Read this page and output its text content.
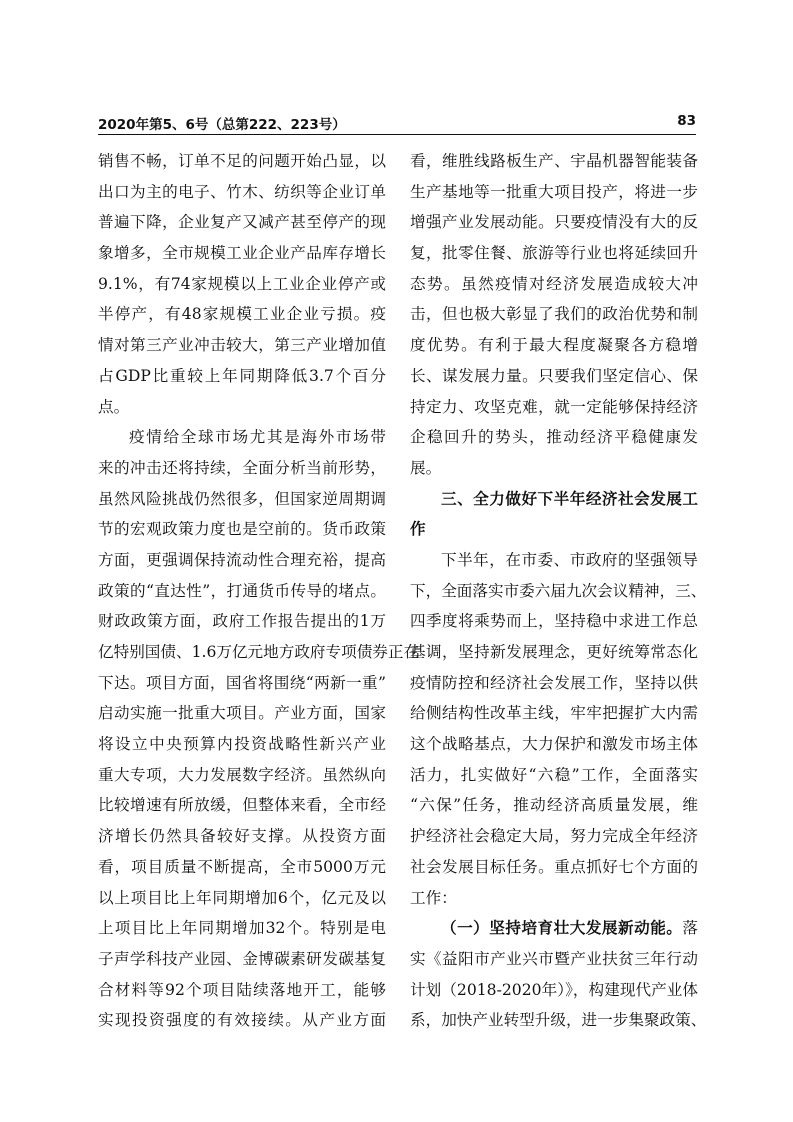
2020年第5、6号（总第222、223号）	83
销售不畅，订单不足的问题开始凸显，以
出口为主的电子、竹木、纺织等企业订单
普遍下降，企业复产又减产甚至停产的现
象增多，全市规模工业企业产品库存增长
9.1%，有74家规模以上工业企业停产或
半停产，有48家规模工业企业亏损。疫
情对第三产业冲击较大，第三产业增加值
占GDP比重较上年同期降低3.7个百分
点。
疫情给全球市场尤其是海外市场带
来的冲击还将持续，全面分析当前形势，
虽然风险挑战仍然很多，但国家逆周期调
节的宏观政策力度也是空前的。货币政策
方面，更强调保持流动性合理充裕，提高
政策的“直达性”，打通货币传导的堵点。
财政政策方面，政府工作报告提出的1万
亿特别国债、1.6万亿元地方政府专项债券正在
下达。项目方面，国省将围绕“两新一重”
启动实施一批重大项目。产业方面，国家
将设立中央预算内投资战略性新兴产业
重大专项，大力发展数字经济。虽然纵向
比较增速有所放缓，但整体来看，全市经
济增长仍然具备较好支撑。从投资方面
看，项目质量不断提高，全市5000万元
以上项目比上年同期增加6个，亿元及以
上项目比上年同期增加32个。特别是电
子声学科技产业园、金博碳素研发碳基复
合材料等92个项目陆续落地开工，能够
实现投资强度的有效接续。从产业方面
看，维胜线路板生产、宇晶机器智能装备
生产基地等一批重大项目投产，将进一步
增强产业发展动能。只要疫情没有大的反
复，批零住餐、旅游等行业也将延续回升
态势。虽然疫情对经济发展造成较大冲
击，但也极大彰显了我们的政治优势和制
度优势。有利于最大程度凝聚各方稳增
长、谋发展力量。只要我们坚定信心、保
持定力、攻坚克难，就一定能够保持经济
企稳回升的势头，推动经济平稳健康发
展。
三、全力做好下半年经济社会发展工
作
下半年，在市委、市政府的坚强领导
下，全面落实市委六届九次会议精神，三、
四季度将乘势而上，坚持稳中求进工作总
基调，坚持新发展理念，更好统筹常态化
疫情防控和经济社会发展工作，坚持以供
给侧结构性改革主线，牢牢把握扩大内需
这个战略基点，大力保护和激发市场主体
活力，扎实做好“六稳”工作，全面落实
“六保”任务，推动经济高质量发展，维
护经济社会稳定大局，努力完成全年经济
社会发展目标任务。重点抓好七个方面的
工作：
（一）坚持培育壮大发展新动能。落
实《益阳市产业兴市暨产业扶贫三年行动
计划（2018-2020年）》，构建现代产业体
系，加快产业转型升级，进一步集聚政策、
